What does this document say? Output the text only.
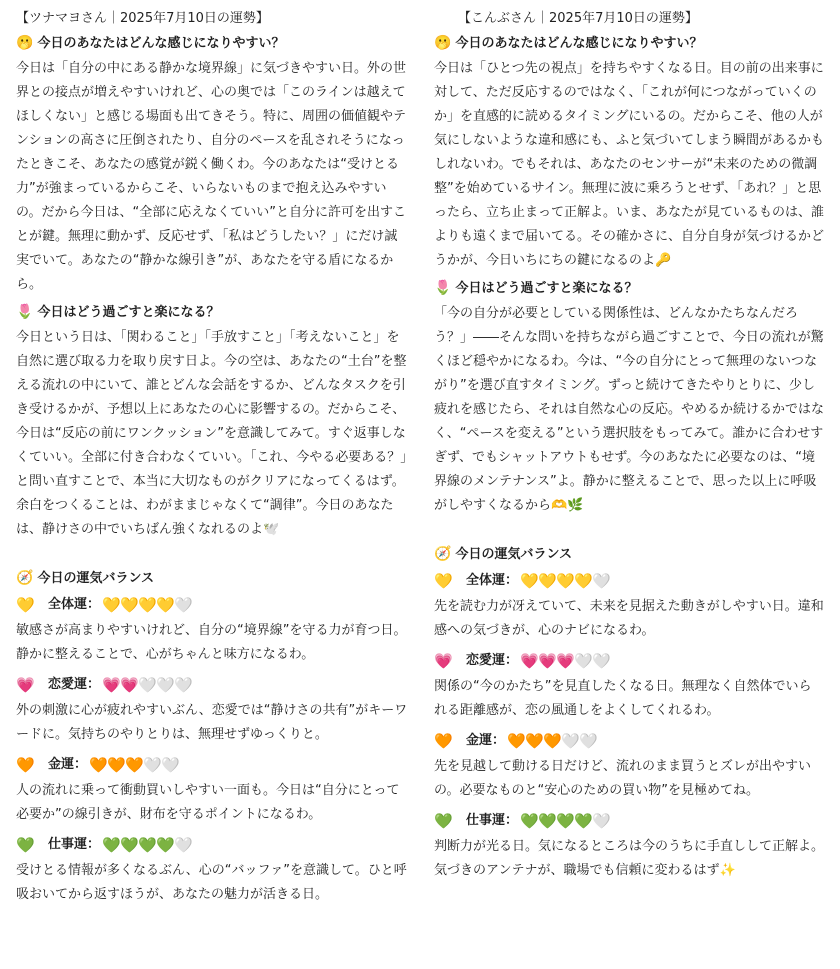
【ツナマヨさん｜2025年7月10日の運勢】
🫢 今日のあなたはどんな感じになりやすい？
今日は「自分の中にある静かな境界線」に気づきやすい日。外の世界との接点が増えやすいけれど、心の奥では「このラインは越えてほしくない」と感じる場面も出てきそう。特に、周囲の価値観やテンションの高さに圧倒されたり、自分のペースを乱されそうになったときこそ、あなたの感覚が鋭く働くわ。今のあなたは“受けとる力”が強まっているからこそ、いらないものまで抱え込みやすいの。だから今日は、“全部に応えなくていい”と自分に許可を出すことが鍵。無理に動かず、反応せず、「私はどうしたい？」にだけ誠実でいて。あなたの“静かな線引き”が、あなたを守る盾になるから。
🌷 今日はどう過ごすと楽になる？
今日という日は、「関わること」「手放すこと」「考えないこと」を自然に選び取る力を取り戻す日よ。今の空は、あなたの“土台”を整える流れの中にいて、誰とどんな会話をするか、どんなタスクを引き受けるかが、予想以上にあなたの心に影響するの。だからこそ、今日は“反応の前にワンクッション”を意識してみて。すぐ返事しなくていい。全部に付き合わなくていい。「これ、今やる必要ある？」と問い直すことで、本当に大切なものがクリアになってくるはず。余白をつくることは、わがままじゃなくて“調律”。今日のあなたは、静けさの中でいちばん強くなれるのよ🕊️
🧭 今日の運気バランス
💛 全体運： 💛 💛 💛 💛 🤍
敏感さが高まりやすいけれど、自分の“境界線”を守る力が育つ日。静かに整えることで、心がちゃんと味方になるわ。
💗 恋愛運： 💗 💗 🤍 🤍 🤍
外の刺激に心が疲れやすいぶん、恋愛では“静けさの共有”がキーワードに。気持ちのやりとりは、無理せずゆっくりと。
🧡 金運： 🧡 🧡 🧡 🤍 🤍
人の流れに乗って衝動買いしやすい一面も。今日は“自分にとって必要か”の線引きが、財布を守るポイントになるわ。
💚 仕事運： 💚 💚 💚 💚 🤍
受けとる情報が多くなるぶん、心の“バッファ”を意識して。ひと呼吸おいてから返すほうが、あなたの魅力が活きる日。
【こんぶさん｜2025年7月10日の運勢】
🫢 今日のあなたはどんな感じになりやすい？
今日は「ひとつ先の視点」を持ちやすくなる日。目の前の出来事に対して、ただ反応するのではなく、「これが何につながっていくのか」を直感的に読めるタイミングにいるの。だからこそ、他の人が気にしないような違和感にも、ふと気づいてしまう瞬間があるかもしれないわ。でもそれは、あなたのセンサーが“未来のための微調整”を始めているサイン。無理に波に乗ろうとせず、「あれ？」と思ったら、立ち止まって正解よ。いま、あなたが見ているものは、誰よりも遠くまで届いてる。その確かさに、自分自身が気づけるかどうかが、今日いちにちの鍵になるのよ🔑
🌷 今日はどう過ごすと楽になる？
「今の自分が必要としている関係性は、どんなかたちなんだろう？」――そんな問いを持ちながら過ごすことで、今日の流れが驚くほど穏やかになるわ。今は、“今の自分にとって無理のないつながり”を選び直すタイミング。ずっと続けてきたやりとりに、少し疲れを感じたら、それは自然な心の反応。やめるか続けるかではなく、“ペースを変える”という選択肢をもってみて。誰かに合わせすぎず、でもシャットアウトもせず。今のあなたに必要なのは、“境界線のメンテナンス”よ。静かに整えることで、思った以上に呼吸がしやすくなるから🫶🌿
🧭 今日の運気バランス
💛 全体運： 💛 💛 💛 💛 🤍
先を読む力が冴えていて、未来を見据えた動きがしやすい日。違和感への気づきが、心のナビになるわ。
💗 恋愛運： 💗 💗 💗 🤍 🤍
関係の“今のかたち”を見直したくなる日。無理なく自然体でいられる距離感が、恋の風通しをよくしてくれるわ。
🧡 金運： 🧡 🧡 🧡 🤍 🤍
先を見越して動ける日だけど、流れのまま買うとズレが出やすいの。必要なものと“安心のための買い物”を見極めてね。
💚 仕事運： 💚 💚 💚 💚 🤍
判断力が光る日。気になるところは今のうちに手直しして正解よ。気づきのアンテナが、職場でも信頼に変わるはず✨
